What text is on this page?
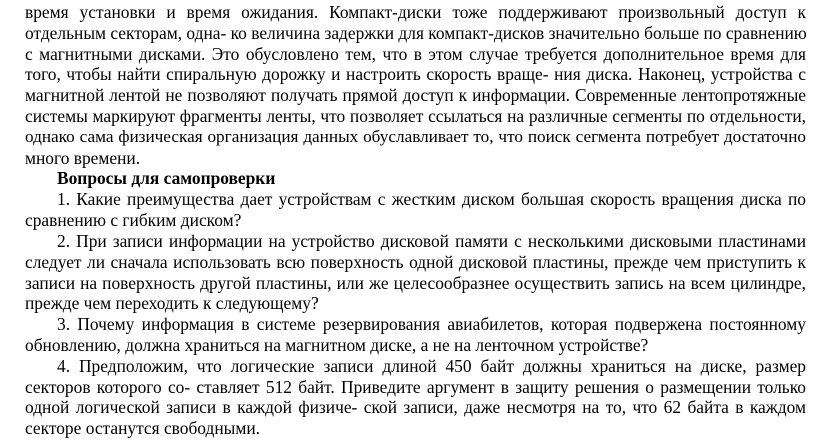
время установки и время ожидания. Компакт-диски тоже поддерживают произвольный доступ к
отдельным секторам, одна- ко величина задержки для компакт-дисков значительно больше по сравнению
с магнитными дисками. Это обусловлено тем, что в этом случае требуется дополнительное время для
того, чтобы найти спиральную дорожку и настроить скорость враще- ния диска. Наконец, устройства с
магнитной лентой не позволяют получать прямой доступ к информации. Современные лентопротяжные
системы маркируют фрагменты ленты, что позволяет ссылаться на различные сегменты по отдельности,
однако сама физическая организация данных обуславливает то, что поиск сегмента потребует достаточно
много времени.
Вопросы для самопроверки
1. Какие преимущества дает устройствам с жестким диском большая скорость вращения диска по
сравнению с гибким диском?
2. При записи информации на устройство дисковой памяти с несколькими дисковыми пластинами
следует ли сначала использовать всю поверхность одной дисковой пластины, прежде чем приступить к
записи на поверхность другой пластины, или же целесообразнее осуществить запись на всем цилиндре,
прежде чем переходить к следующему?
3. Почему информация в системе резервирования авиабилетов, которая подвержена постоянному
обновлению, должна храниться на магнитном диске, а не на ленточном устройстве?
4. Предположим, что логические записи длиной 450 байт должны храниться на диске, размер
секторов которого со- ставляет 512 байт. Приведите аргумент в защиту решения о размещении только
одной логической записи в каждой физиче- ской записи, даже несмотря на то, что 62 байта в каждом
секторе останутся свободными.
